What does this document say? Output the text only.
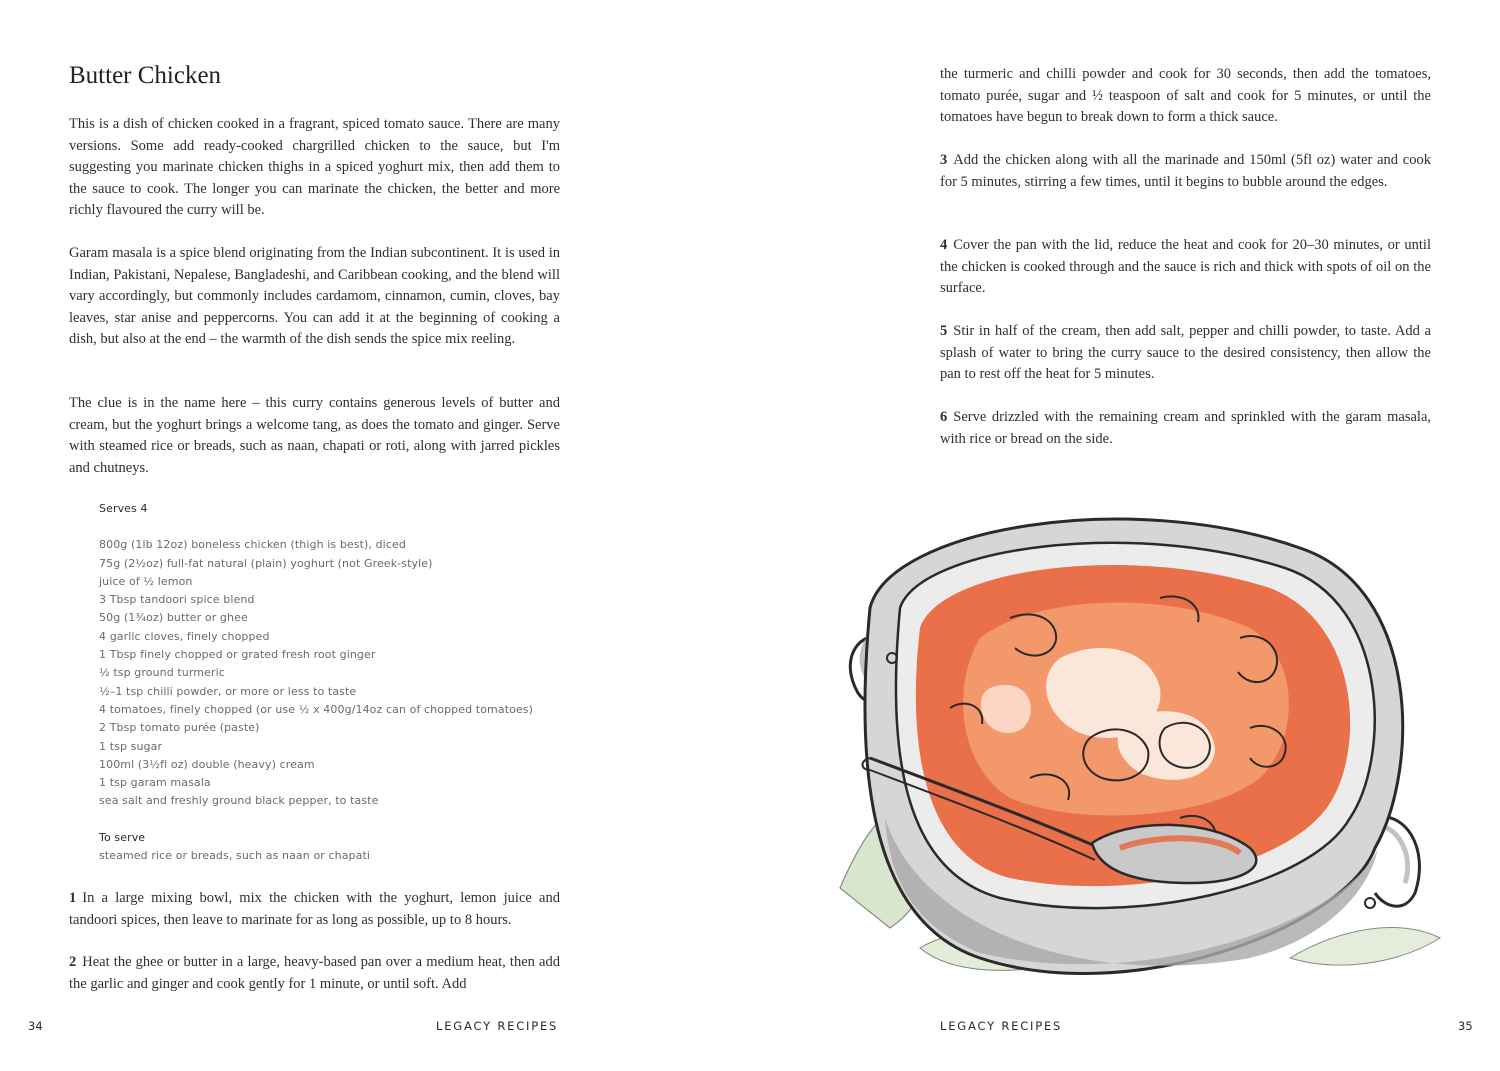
Butter Chicken

This is a dish of chicken cooked in a fragrant, spiced tomato sauce. There are many versions. Some add ready-cooked chargrilled chicken to the sauce, but I'm suggesting you marinate chicken thighs in a spiced yoghurt mix, then add them to the sauce to cook. The longer you can marinate the chicken, the better and more richly flavoured the curry will be.

Garam masala is a spice blend originating from the Indian subcontinent. It is used in Indian, Pakistani, Nepalese, Bangladeshi, and Caribbean cooking, and the blend will vary accordingly, but commonly includes cardamom, cinnamon, cumin, cloves, bay leaves, star anise and peppercorns. You can add it at the beginning of cooking a dish, but also at the end – the warmth of the dish sends the spice mix reeling.

The clue is in the name here – this curry contains generous levels of butter and cream, but the yoghurt brings a welcome tang, as does the tomato and ginger. Serve with steamed rice or breads, such as naan, chapati or roti, along with jarred pickles and chutneys.

Serves 4

800g (1lb 12oz) boneless chicken (thigh is best), diced
75g (2½oz) full-fat natural (plain) yoghurt (not Greek-style)
juice of ½ lemon
3 Tbsp tandoori spice blend
50g (1¾oz) butter or ghee
4 garlic cloves, finely chopped
1 Tbsp finely chopped or grated fresh root ginger
½ tsp ground turmeric
½–1 tsp chilli powder, or more or less to taste
4 tomatoes, finely chopped (or use ½ x 400g/14oz can of chopped tomatoes)
2 Tbsp tomato purée (paste)
1 tsp sugar
100ml (3½fl oz) double (heavy) cream
1 tsp garam masala
sea salt and freshly ground black pepper, to taste

To serve

steamed rice or breads, such as naan or chapati

1 In a large mixing bowl, mix the chicken with the yoghurt, lemon juice and tandoori spices, then leave to marinate for as long as possible, up to 8 hours.

2 Heat the ghee or butter in a large, heavy-based pan over a medium heat, then add the garlic and ginger and cook gently for 1 minute, or until soft. Add

34	LEGACY RECIPES

the turmeric and chilli powder and cook for 30 seconds, then add the tomatoes, tomato purée, sugar and ½ teaspoon of salt and cook for 5 minutes, or until the tomatoes have begun to break down to form a thick sauce.

3 Add the chicken along with all the marinade and 150ml (5fl oz) water and cook for 5 minutes, stirring a few times, until it begins to bubble around the edges.

4 Cover the pan with the lid, reduce the heat and cook for 20–30 minutes, or until the chicken is cooked through and the sauce is rich and thick with spots of oil on the surface.

5 Stir in half of the cream, then add salt, pepper and chilli powder, to taste. Add a splash of water to bring the curry sauce to the desired consistency, then allow the pan to rest off the heat for 5 minutes.

6 Serve drizzled with the remaining cream and sprinkled with the garam masala, with rice or bread on the side.

LEGACY RECIPES	35
